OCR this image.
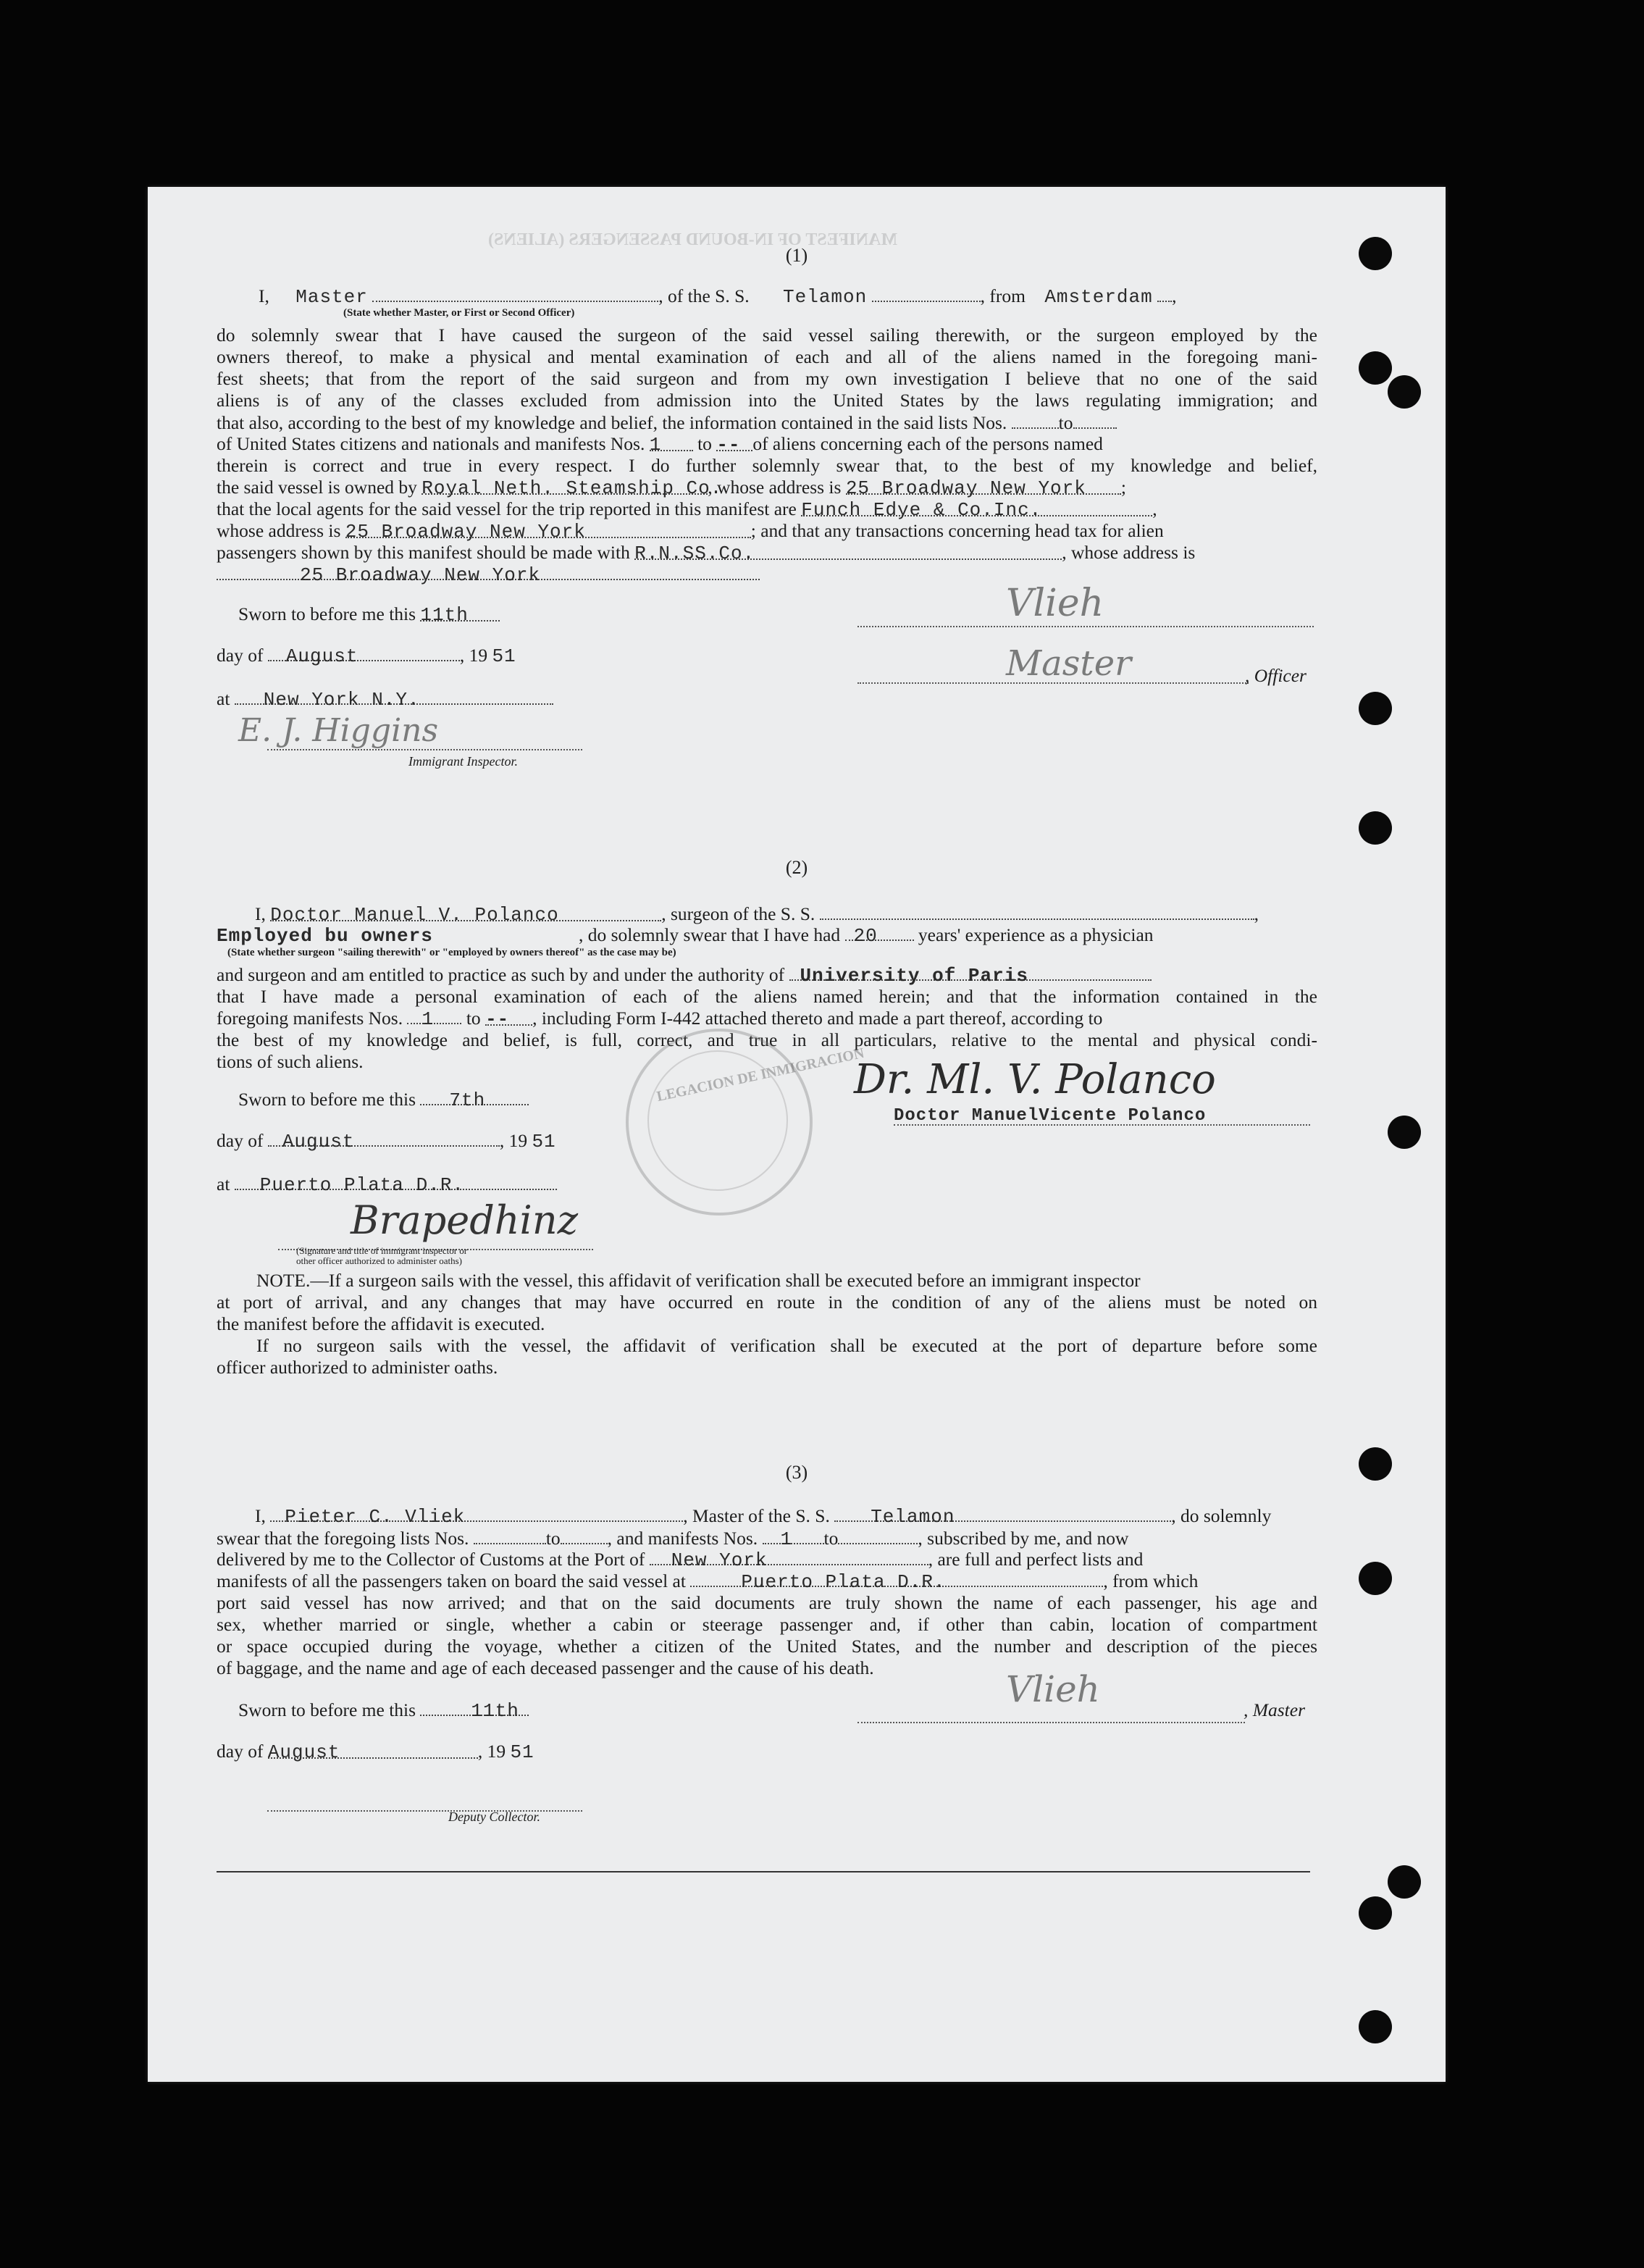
MANIFEST OF IN-BOUND PASSENGERS (ALIENS)
(1)
I, Master	, of the S. S. Telamon	, from Amsterdam ,
(State whether Master, or First or Second Officer)
do solemnly swear that I have caused the surgeon of the said vessel sailing therewith, or the surgeon employed by the
owners thereof, to make a physical and mental examination of each and all of the aliens named in the foregoing mani-
fest sheets; that from the report of the said surgeon and from my own investigation I believe that no one of the said
aliens is of any of the classes excluded from admission into the United States by the laws regulating immigration; and
that also, according to the best of my knowledge and belief, the information contained in the said lists Nos.	to
of United States citizens and nationals and manifests Nos. 1 to -- of aliens concerning each of the persons named
therein is correct and true in every respect. I do further solemnly swear that, to the best of my knowledge and belief,
the said vessel is owned by Royal Neth. Steamship Co., whose address is 25 Broadway New York ;
that the local agents for the said vessel for the trip reported in this manifest are Funch Edye & Co.Inc.	,
whose address is 25 Broadway New York	; and that any transactions concerning head tax for alien
passengers shown by this manifest should be made with R.N.SS.Co.	, whose address is
25 Broadway New York
Sworn to before me this 11th	Vlieh
day of August	, 19 51	Master	, Officer
at New York N.Y.
E. J. Higgins
Immigrant Inspector.
(2)
I, Doctor Manuel V. Polanco	, surgeon of the S. S.	,
Employed bu owners	, do solemnly swear that I have had 20 years' experience as a physician
(State whether surgeon "sailing therewith" or "employed by owners thereof" as the case may be)
and surgeon and am entitled to practice as such by and under the authority of University of Paris
that I have made a personal examination of each of the aliens named herein; and that the information contained in the
foregoing manifests Nos. 1 to -- , including Form I-442 attached thereto and made a part thereof, according to
the best of my knowledge and belief, is full, correct, and true in all particulars, relative to the mental and physical condi-
tions of such aliens.
Sworn to before me this 7th	Dr. Ml. V. Polanco
Doctor ManuelVicente Polanco
day of August	, 19 51
LEGACION DE INMIGRACION
at Puerto Plata D.R.
Brapedhinz
(Signature and title of immigrant inspector or
other officer authorized to administer oaths)
NOTE.—If a surgeon sails with the vessel, this affidavit of verification shall be executed before an immigrant inspector
at port of arrival, and any changes that may have occurred en route in the condition of any of the aliens must be noted on
the manifest before the affidavit is executed.
If no surgeon sails with the vessel, the affidavit of verification shall be executed at the port of departure before some
officer authorized to administer oaths.
(3)
I, Pieter C. Vliek	, Master of the S. S. Telamon	, do solemnly
swear that the foregoing lists Nos.	to	, and manifests Nos. 1 to	, subscribed by me, and now
delivered by me to the Collector of Customs at the Port of New York	, are full and perfect lists and
manifests of all the passengers taken on board the said vessel at	Puerto Plata D.R.	, from which
port said vessel has now arrived; and that on the said documents are truly shown the name of each passenger, his age and
sex, whether married or single, whether a cabin or steerage passenger and, if other than cabin, location of compartment
or space occupied during the voyage, whether a citizen of the United States, and the number and description of the pieces
of baggage, and the name and age of each deceased passenger and the cause of his death.
Vlieh
Sworn to before me this	11th	, Master
day of August	, 19 51
Deputy Collector.
